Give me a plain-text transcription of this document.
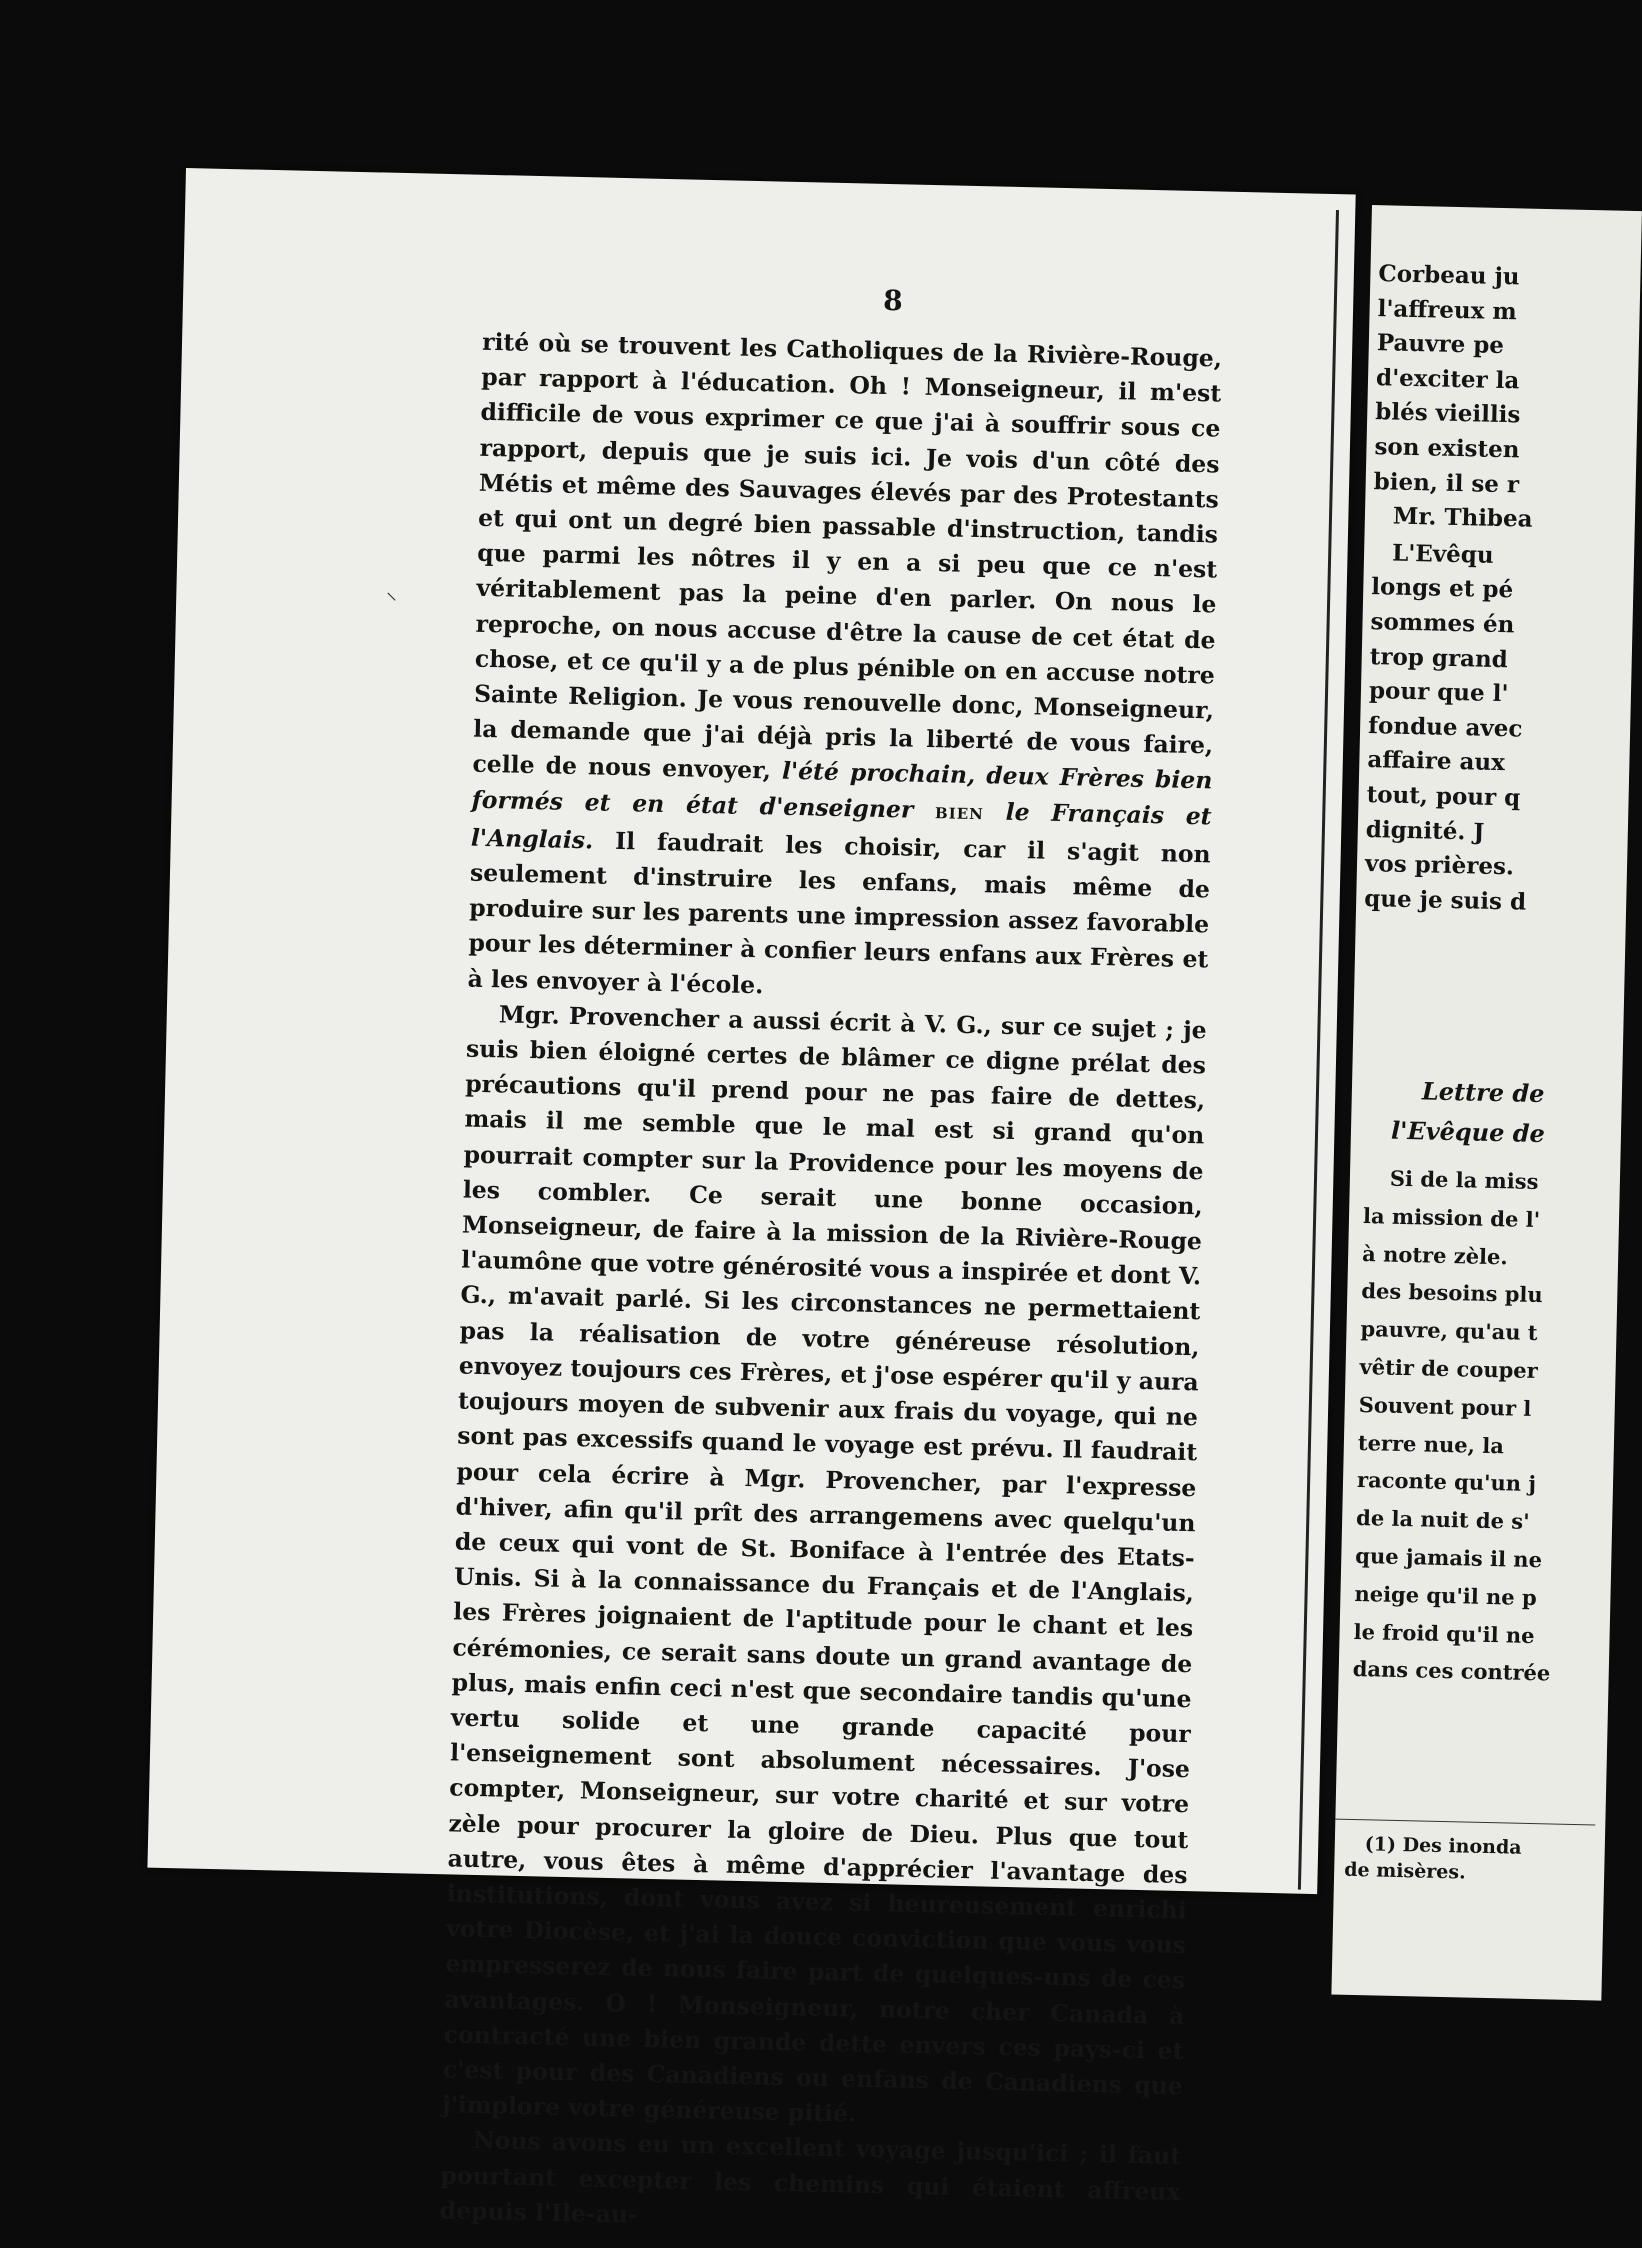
8

rité où se trouvent les Catholiques de la Rivière-Rouge, par rapport à l'éducation. Oh ! Monseigneur, il m'est difficile de vous exprimer ce que j'ai à souffrir sous ce rapport, depuis que je suis ici. Je vois d'un côté des Métis et même des Sauvages élevés par des Protestants et qui ont un degré bien passable d'instruction, tandis que parmi les nôtres il y en a si peu que ce n'est véritablement pas la peine d'en parler. On nous le reproche, on nous accuse d'être la cause de cet état de chose, et ce qu'il y a de plus pénible on en accuse notre Sainte Religion. Je vous renouvelle donc, Monseigneur, la demande que j'ai déjà pris la liberté de vous faire, celle de nous envoyer, l'été prochain, deux Frères bien formés et en état d'enseigner BIEN le Français et l'Anglais. Il faudrait les choisir, car il s'agit non seulement d'instruire les enfans, mais même de produire sur les parents une impression assez favorable pour les déterminer à confier leurs enfans aux Frères et à les envoyer à l'école.

Mgr. Provencher a aussi écrit à V. G., sur ce sujet ; je suis bien éloigné certes de blâmer ce digne prélat des précautions qu'il prend pour ne pas faire de dettes, mais il me semble que le mal est si grand qu'on pourrait compter sur la Providence pour les moyens de les combler. Ce serait une bonne occasion, Monseigneur, de faire à la mission de la Rivière-Rouge l'aumône que votre générosité vous a inspirée et dont V. G., m'avait parlé. Si les circonstances ne permettaient pas la réalisation de votre généreuse résolution, envoyez toujours ces Frères, et j'ose espérer qu'il y aura toujours moyen de subvenir aux frais du voyage, qui ne sont pas excessifs quand le voyage est prévu. Il faudrait pour cela écrire à Mgr. Provencher, par l'expresse d'hiver, afin qu'il prît des arrangemens avec quelqu'un de ceux qui vont de St. Boniface à l'entrée des Etats-Unis. Si à la connaissance du Français et de l'Anglais, les Frères joignaient de l'aptitude pour le chant et les cérémonies, ce serait sans doute un grand avantage de plus, mais enfin ceci n'est que secondaire tandis qu'une vertu solide et une grande capacité pour l'enseignement sont absolument nécessaires. J'ose compter, Monseigneur, sur votre charité et sur votre zèle pour procurer la gloire de Dieu. Plus que tout autre, vous êtes à même d'apprécier l'avantage des institutions, dont vous avez si heureusement enrichi votre Diocèse, et j'ai la douce conviction que vous vous empresserez de nous faire part de quelques-uns de ces avantages. O ! Monseigneur, notre cher Canada à contracté une bien grande dette envers ces pays-ci et c'est pour des Canadiens ou enfans de Canadiens que j'implore votre généreuse pitié.

Nous avons eu un excellent voyage jusqu'ici ; il faut pourtant excepter les chemins qui étaient affreux depuis l'Ile-au-

Corbeau ju
l'affreux m
Pauvre pe
d'exciter la
blés vieillis
son existen
bien, il se r
Mr. Thibea
L'Evêqu
longs et pé
sommes én
trop grand
pour que l'
fondue avec
affaire aux
tout, pour q
dignité. J
vos prières.
que je suis d
Lettre de
l'Evêque de
Si de la miss
la mission de l'
à notre zèle.
des besoins plu
pauvre, qu'au t
vêtir de couper
Souvent pour l
terre nue, la
raconte qu'un j
de la nuit de s'
que jamais il ne
neige qu'il ne p
le froid qu'il ne
dans ces contrée
(1) Des inonda
de misères.
⸜
